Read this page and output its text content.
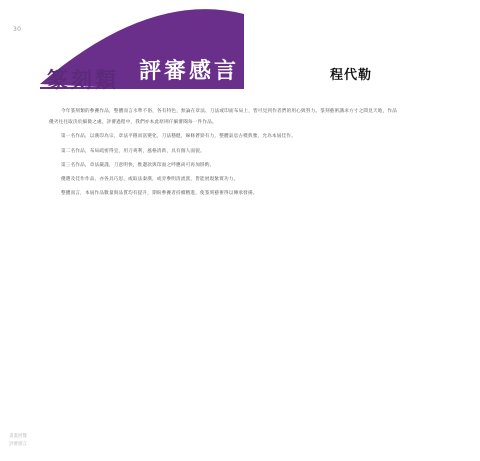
30
篆刻類 評審感言	程代勒

今年篆刻類的參賽作品，整體而言水準不俗，各有特色，無論在章法、刀法或印面布局上，皆可見到作者們的用心與努力。篆刻藝術講求方寸之間見天地，作品優劣往往取決於細微之處，評審過程中，我們亦本此原則仔細審閱每一件作品。

第一名作品，以漢印為宗，章法平穩而富變化，刀法穩健，線條蒼勁有力，整體氣息古樸典雅，允為本屆佳作。

第二名作品，布局疏密得宜，用刀爽利，風格清新，具有個人面貌。

第三名作品，章法嚴謹，刀意明快，惟邊款與印面之呼應尚可再加斟酌。

優選及佳作作品，亦各具巧思，或取法秦漢，或旁參明清流派，皆能展現紮實功力。

整體而言，本屆作品數量與品質均有提升，期盼參賽者持續精進，使篆刻藝術得以傳承發揚。

書畫展覽
評審感言
